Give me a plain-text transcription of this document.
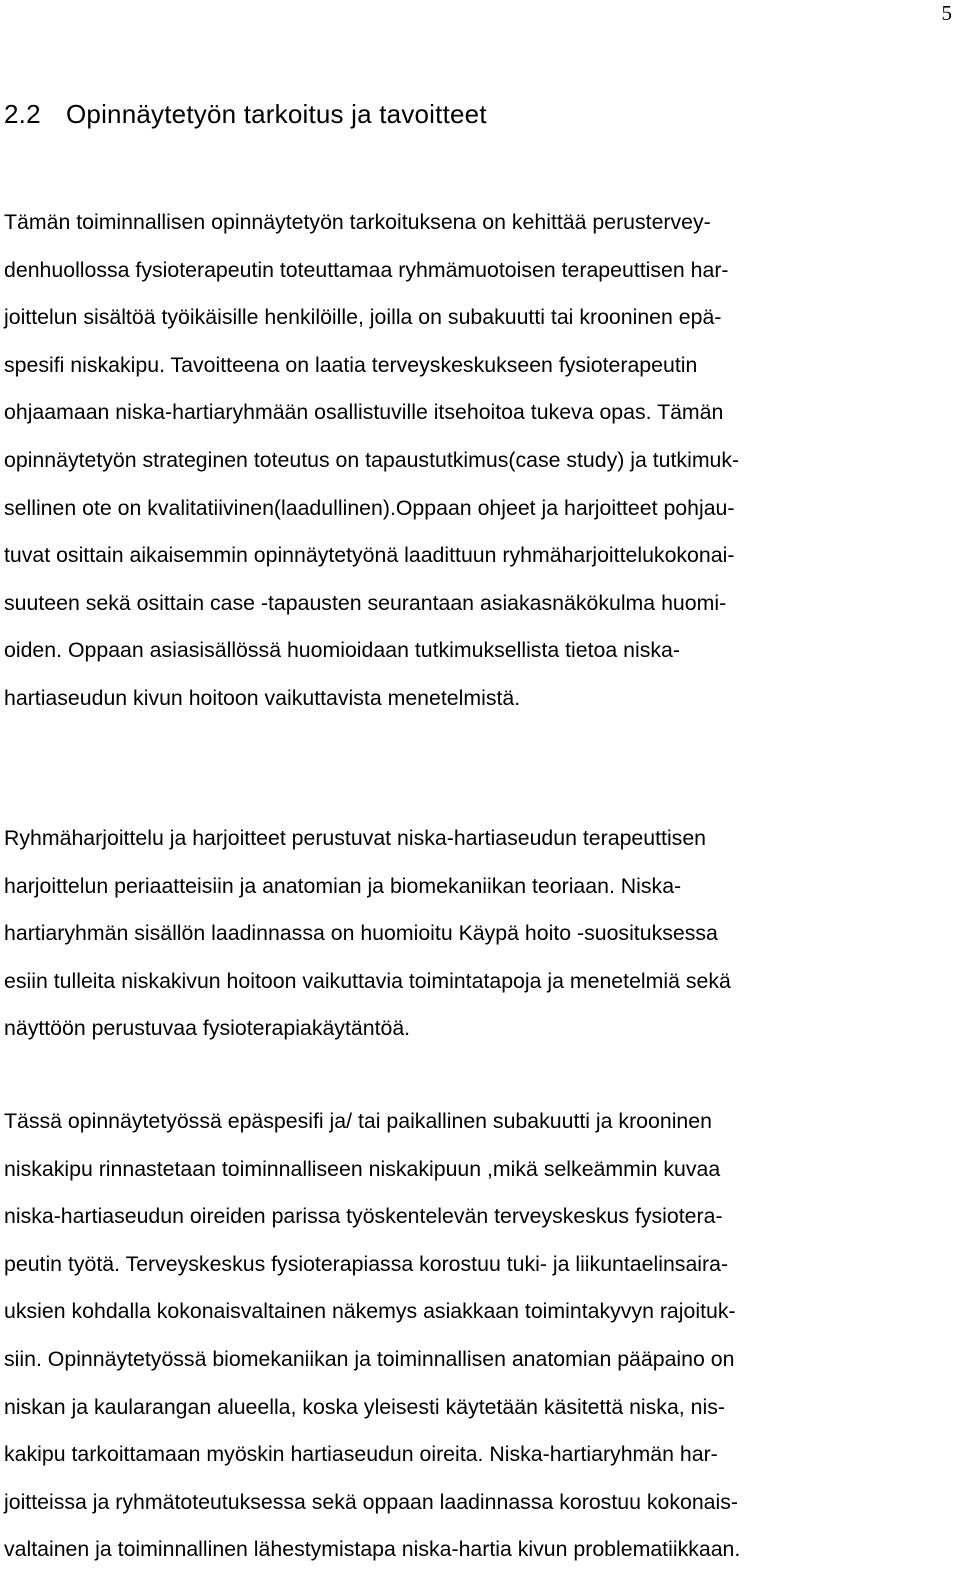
5
2.2 Opinnäytetyön tarkoitus ja tavoitteet
Tämän toiminnallisen opinnäytetyön tarkoituksena on kehittää perustervey-
denhuollossa fysioterapeutin toteuttamaa ryhmämuotoisen terapeuttisen har-
joittelun sisältöä työikäisille henkilöille, joilla on subakuutti tai krooninen epä-
spesifi niskakipu. Tavoitteena on laatia terveyskeskukseen fysioterapeutin
ohjaamaan niska-hartiaryhmään osallistuville itsehoitoa tukeva opas. Tämän
opinnäytetyön strateginen toteutus on tapaustutkimus(case study) ja tutkimuk-
sellinen ote on kvalitatiivinen(laadullinen).Oppaan ohjeet ja harjoitteet pohjau-
tuvat osittain aikaisemmin opinnäytetyönä laadittuun ryhmäharjoittelukokonai-
suuteen sekä osittain case -tapausten seurantaan asiakasnäkökulma huomi-
oiden. Oppaan asiasisällössä huomioidaan tutkimuksellista tietoa niska-
hartiaseudun kivun hoitoon vaikuttavista menetelmistä.
Ryhmäharjoittelu ja harjoitteet perustuvat niska-hartiaseudun terapeuttisen
harjoittelun periaatteisiin ja anatomian ja biomekaniikan teoriaan. Niska-
hartiaryhmän sisällön laadinnassa on huomioitu Käypä hoito -suosituksessa
esiin tulleita niskakivun hoitoon vaikuttavia toimintatapoja ja menetelmiä sekä
näyttöön perustuvaa fysioterapiakäytäntöä.
Tässä opinnäytetyössä epäspesifi ja/ tai paikallinen subakuutti ja krooninen
niskakipu rinnastetaan toiminnalliseen niskakipuun ,mikä selkeämmin kuvaa
niska-hartiaseudun oireiden parissa työskentelevän terveyskeskus fysiotera-
peutin työtä. Terveyskeskus fysioterapiassa korostuu tuki- ja liikuntaelinsaira-
uksien kohdalla kokonaisvaltainen näkemys asiakkaan toimintakyvyn rajoituk-
siin. Opinnäytetyössä biomekaniikan ja toiminnallisen anatomian pääpaino on
niskan ja kaularangan alueella, koska yleisesti käytetään käsitettä niska, nis-
kakipu tarkoittamaan myöskin hartiaseudun oireita. Niska-hartiaryhmän har-
joitteissa ja ryhmätoteutuksessa sekä oppaan laadinnassa korostuu kokonais-
valtainen ja toiminnallinen lähestymistapa niska-hartia kivun problematiikkaan.
